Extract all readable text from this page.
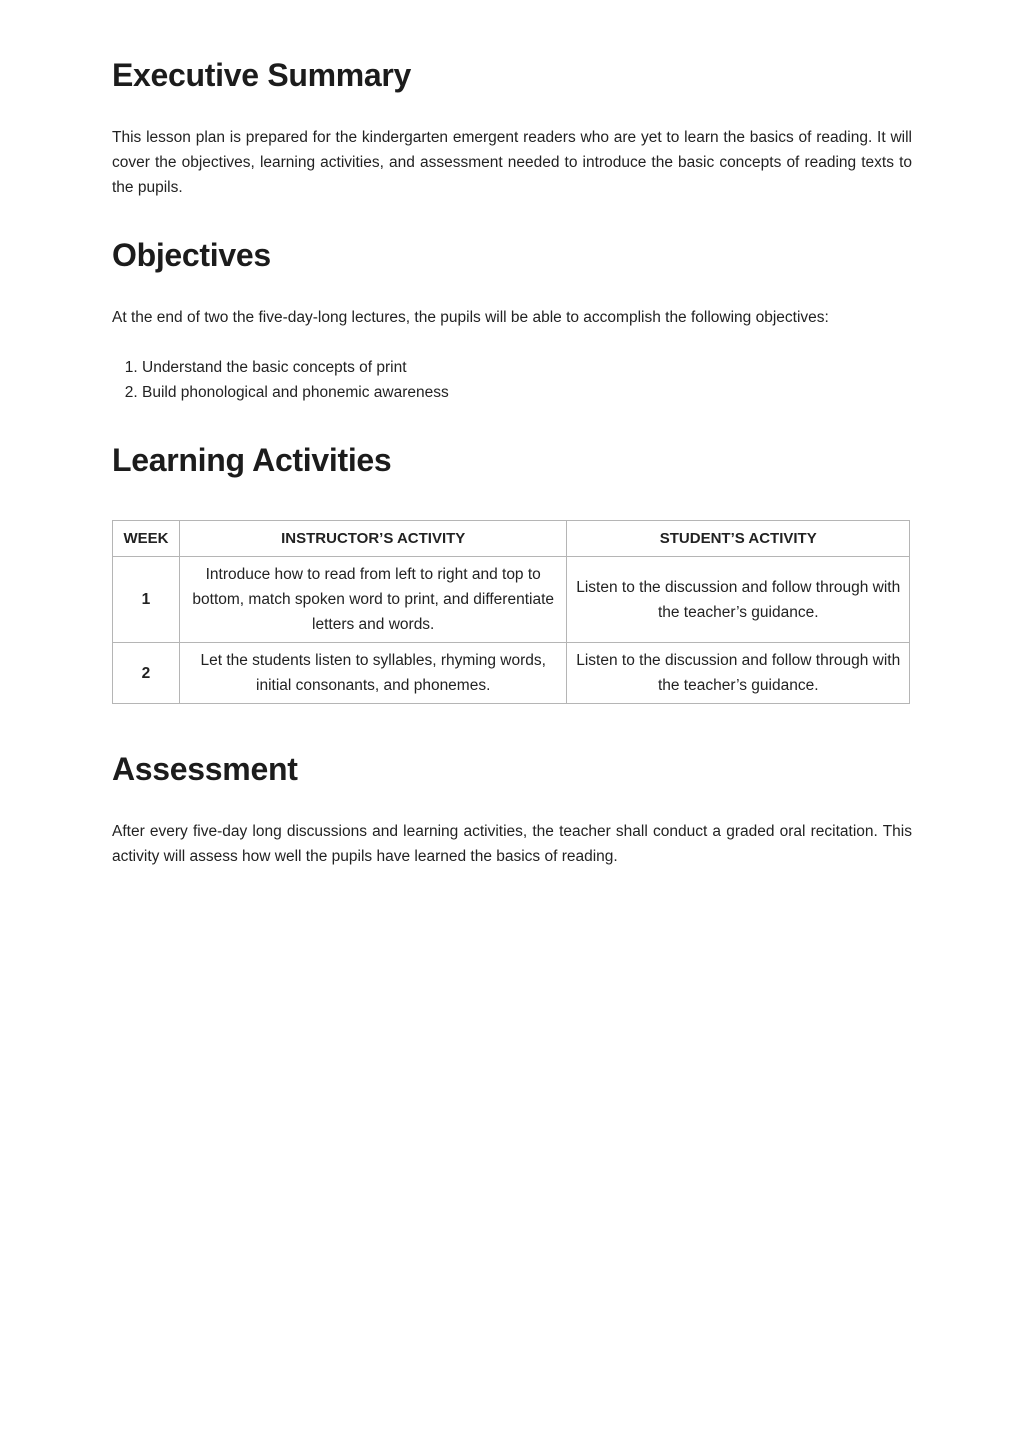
Executive Summary

This lesson plan is prepared for the kindergarten emergent readers who are yet to learn the basics of reading. It will cover the objectives, learning activities, and assessment needed to introduce the basic concepts of reading texts to the pupils.

Objectives

At the end of two the five-day-long lectures, the pupils will be able to accomplish the following objectives:

1. Understand the basic concepts of print
2. Build phonological and phonemic awareness
Learning Activities
WEEK	INSTRUCTOR’S ACTIVITY	STUDENT’S ACTIVITY
1	Introduce how to read from left to right and top to bottom, match spoken word to print, and differentiate letters and words.	Listen to the discussion and follow through with the teacher’s guidance.
2	Let the students listen to syllables, rhyming words, initial consonants, and phonemes.	Listen to the discussion and follow through with the teacher’s guidance.
Assessment

After every five-day long discussions and learning activities, the teacher shall conduct a graded oral recitation. This activity will assess how well the pupils have learned the basics of reading.
